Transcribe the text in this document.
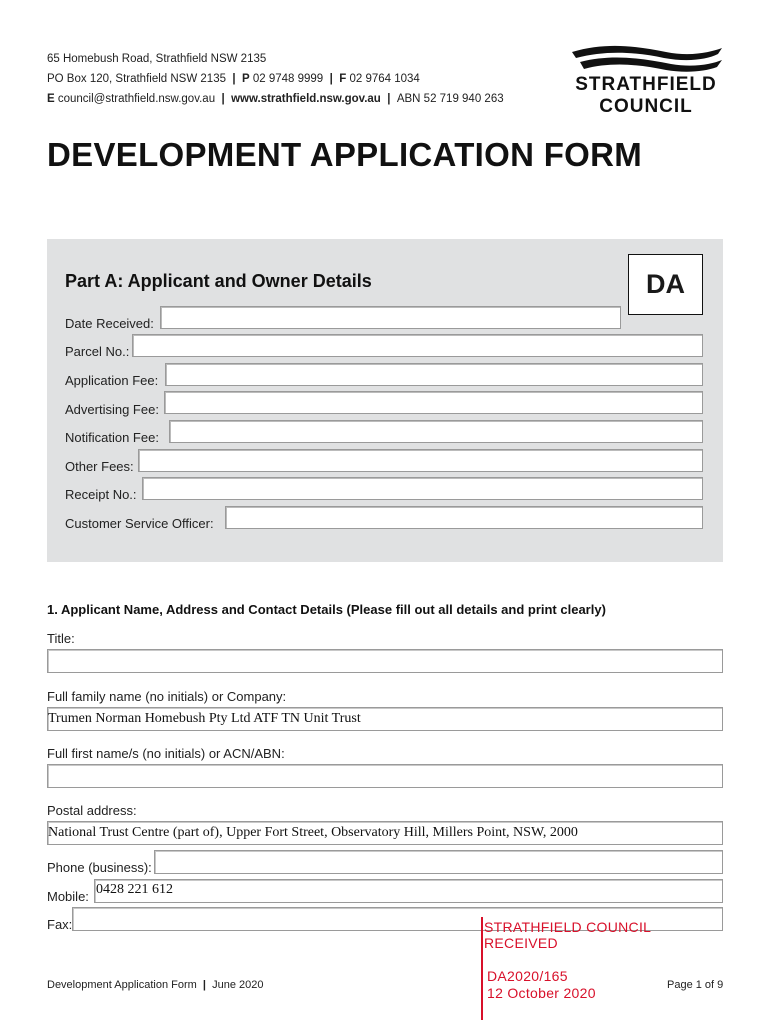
65 Homebush Road, Strathfield NSW 2135
PO Box 120, Strathfield NSW 2135 | P 02 9748 9999 | F 02 9764 1034
E council@strathfield.nsw.gov.au | www.strathfield.nsw.gov.au | ABN 52 719 940 263
STRATHFIELD
COUNCIL
DEVELOPMENT APPLICATION FORM
Part A: Applicant and Owner Details	DA
Date Received:
Parcel No.:
Application Fee:
Advertising Fee:
Notification Fee:
Other Fees:
Receipt No.:
Customer Service Officer:
1. Applicant Name, Address and Contact Details (Please fill out all details and print clearly)
Title:
Full family name (no initials) or Company:
Trumen Norman Homebush Pty Ltd ATF TN Unit Trust
Full first name/s (no initials) or ACN/ABN:
Postal address:
National Trust Centre (part of), Upper Fort Street, Observatory Hill, Millers Point, NSW, 2000
Phone (business):
Mobile: 0428 221 612
Fax:	STRATHFIELD COUNCIL
RECEIVED
DA2020/165
12 October 2020
Development Application Form | June 2020	Page 1 of 9
